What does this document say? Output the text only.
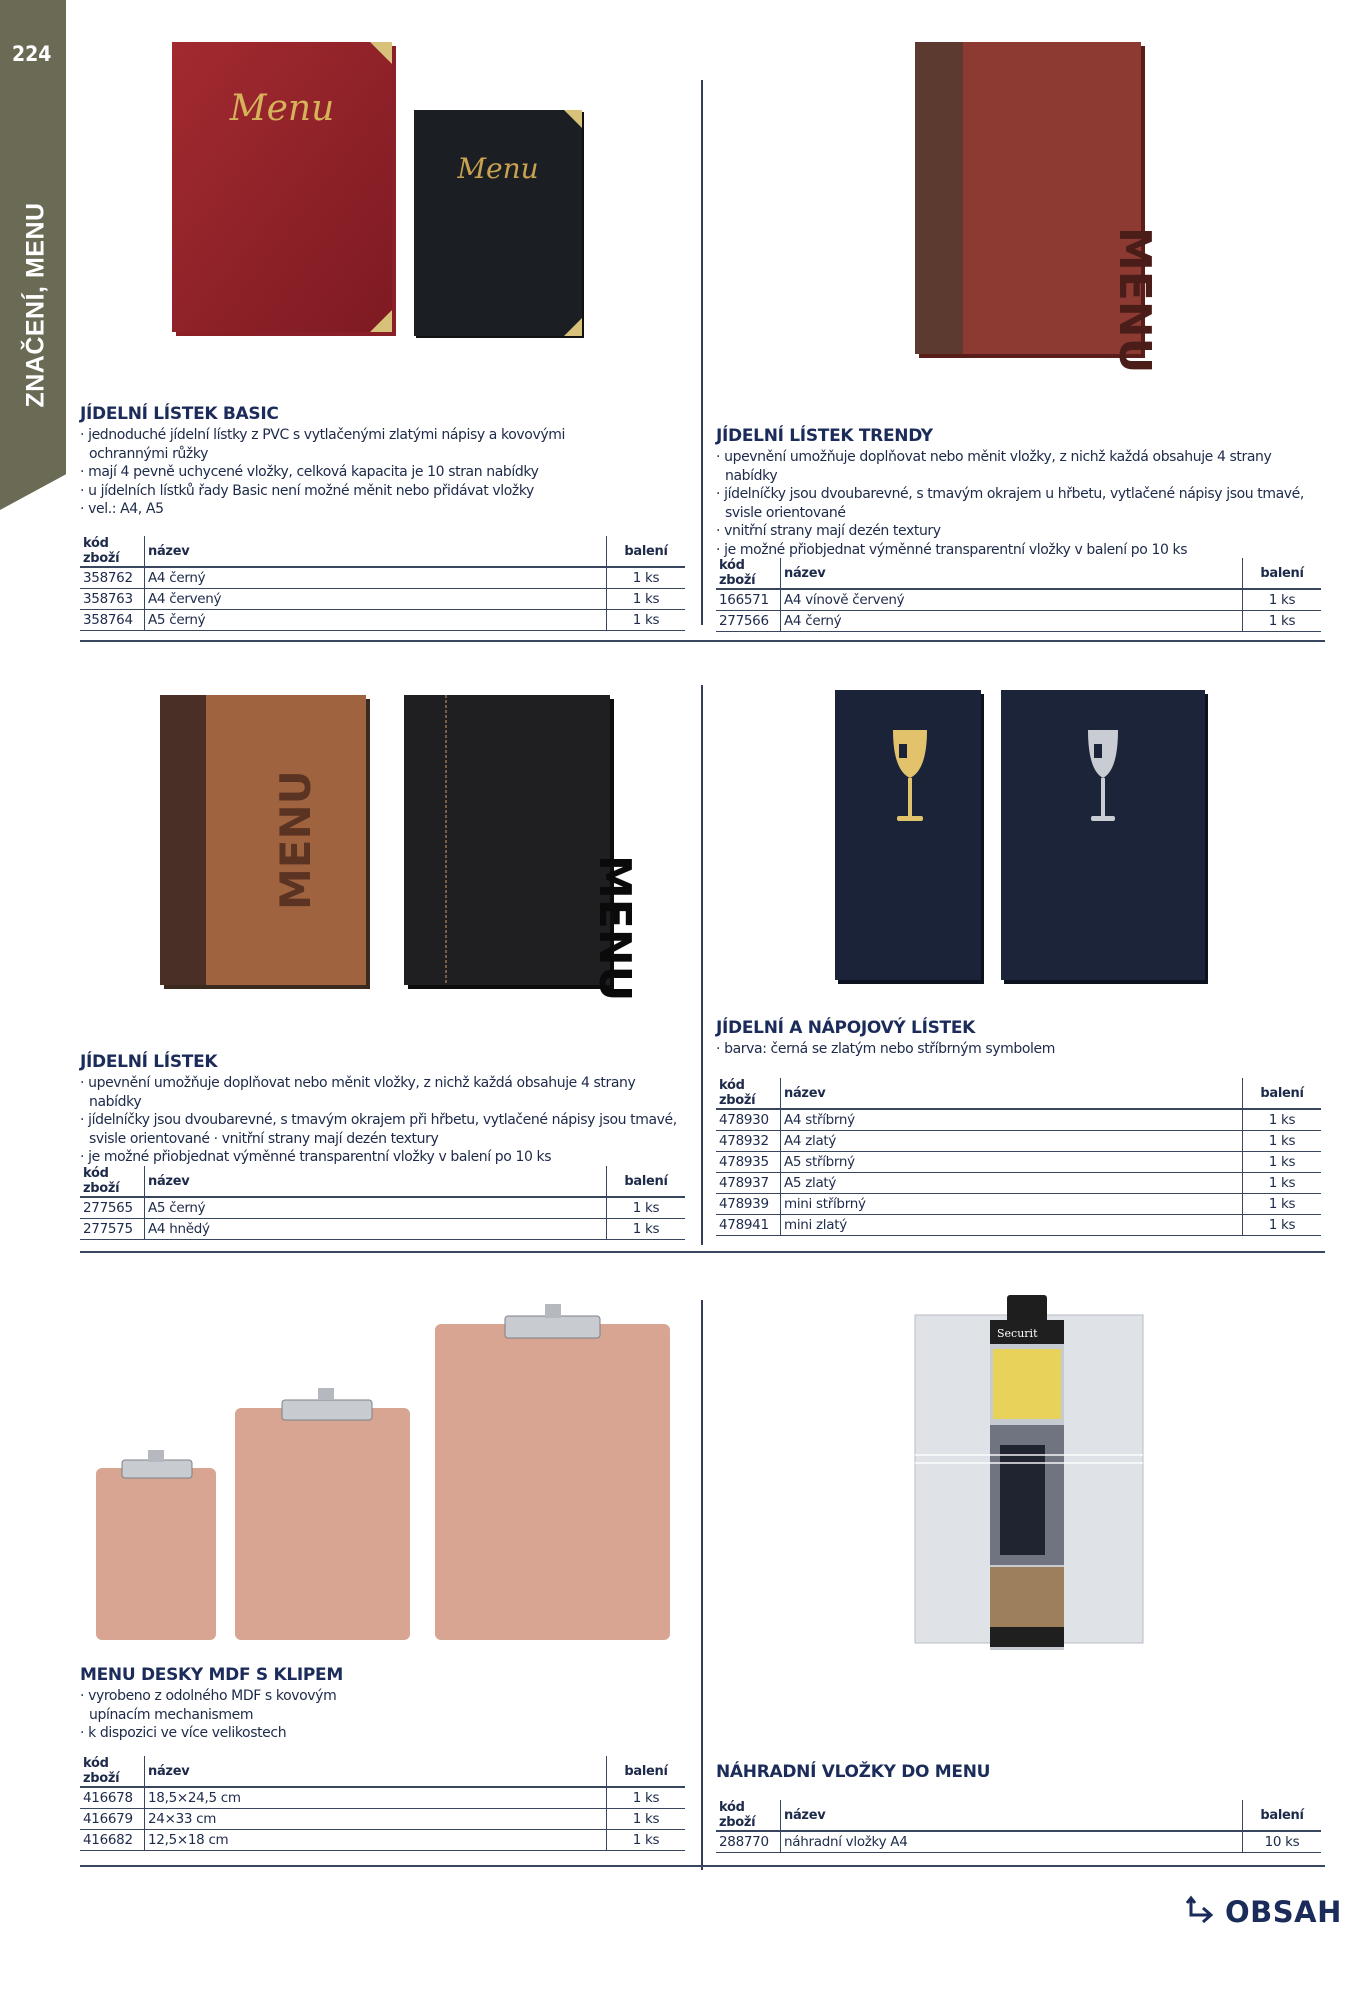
224
ZNAČENÍ, MENU
Menu
Menu
MENU
MENU
MENU
Securit
JÍDELNÍ LÍSTEK BASIC
· jednoduché jídelní lístky z PVC s vytlačenými zlatými nápisy a kovovými ochrannými růžky
· mají 4 pevně uchycené vložky, celková kapacita je 10 stran nabídky
· u jídelních lístků řady Basic není možné měnit nebo přidávat vložky
· vel.: A4, A5
kód zboží	název	balení
358762	A4 černý	1 ks
358763	A4 červený	1 ks
358764	A5 černý	1 ks
JÍDELNÍ LÍSTEK TRENDY
· upevnění umožňuje doplňovat nebo měnit vložky, z nichž každá obsahuje 4 strany nabídky
· jídelníčky jsou dvoubarevné, s tmavým okrajem u hřbetu, vytlačené nápisy jsou tmavé, svisle orientované
· vnitřní strany mají dezén textury
· je možné přiobjednat výměnné transparentní vložky v balení po 10 ks
kód zboží	název	balení
166571	A4 vínově červený	1 ks
277566	A4 černý	1 ks
JÍDELNÍ LÍSTEK
· upevnění umožňuje doplňovat nebo měnit vložky, z nichž každá obsahuje 4 strany nabídky
· jídelníčky jsou dvoubarevné, s tmavým okrajem při hřbetu, vytlačené nápisy jsou tmavé, svisle orientované · vnitřní strany mají dezén textury
· je možné přiobjednat výměnné transparentní vložky v balení po 10 ks
kód zboží	název	balení
277565	A5 černý	1 ks
277575	A4 hnědý	1 ks
JÍDELNÍ A NÁPOJOVÝ LÍSTEK
· barva: černá se zlatým nebo stříbrným symbolem
kód zboží	název	balení
478930	A4 stříbrný	1 ks
478932	A4 zlatý	1 ks
478935	A5 stříbrný	1 ks
478937	A5 zlatý	1 ks
478939	mini stříbrný	1 ks
478941	mini zlatý	1 ks
MENU DESKY MDF S KLIPEM
· vyrobeno z odolného MDF s kovovým upínacím mechanismem
· k dispozici ve více velikostech
kód zboží	název	balení
416678	18,5×24,5 cm	1 ks
416679	24×33 cm	1 ks
416682	12,5×18 cm	1 ks
NÁHRADNÍ VLOŽKY DO MENU
kód zboží	název	balení
288770	náhradní vložky A4	10 ks
OBSAH
